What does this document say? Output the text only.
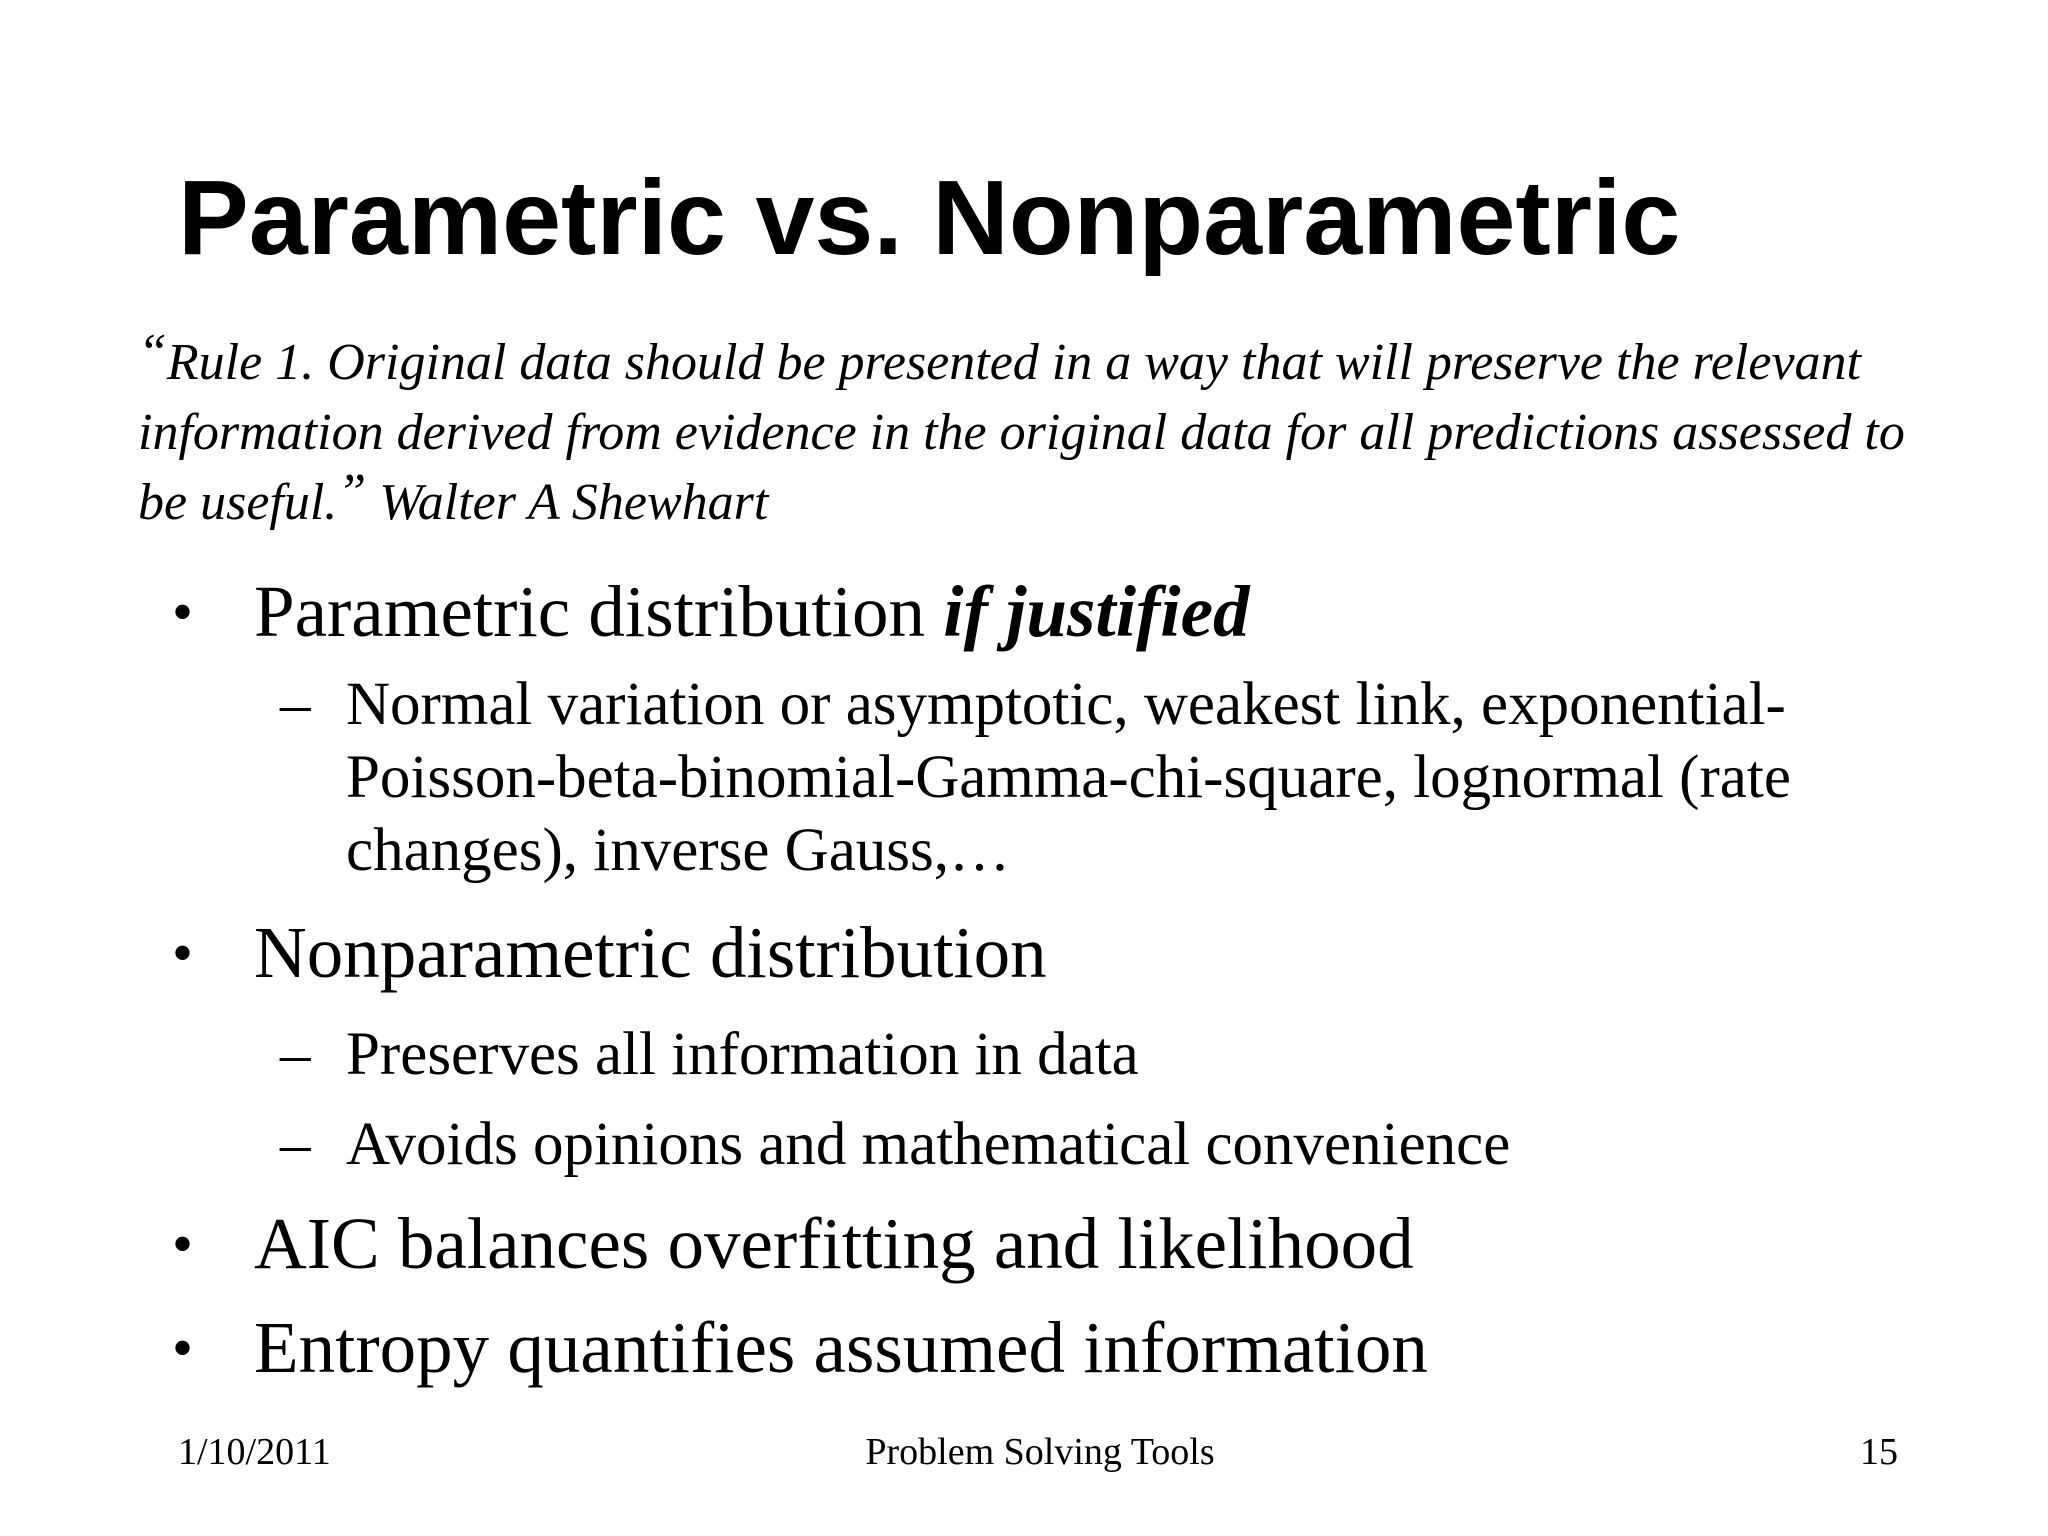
Parametric vs. Nonparametric

“Rule 1. Original data should be presented in a way that will preserve the relevant information derived from evidence in the original data for all predictions assessed to be useful.” Walter A Shewhart

• Parametric distribution if justified
– Normal variation or asymptotic, weakest link, exponential-Poisson-beta-binomial-Gamma-chi-square, lognormal (rate changes), inverse Gauss,…
• Nonparametric distribution
– Preserves all information in data
– Avoids opinions and mathematical convenience
• AIC balances overfitting and likelihood
• Entropy quantifies assumed information
1/10/2011	Problem Solving Tools	15
